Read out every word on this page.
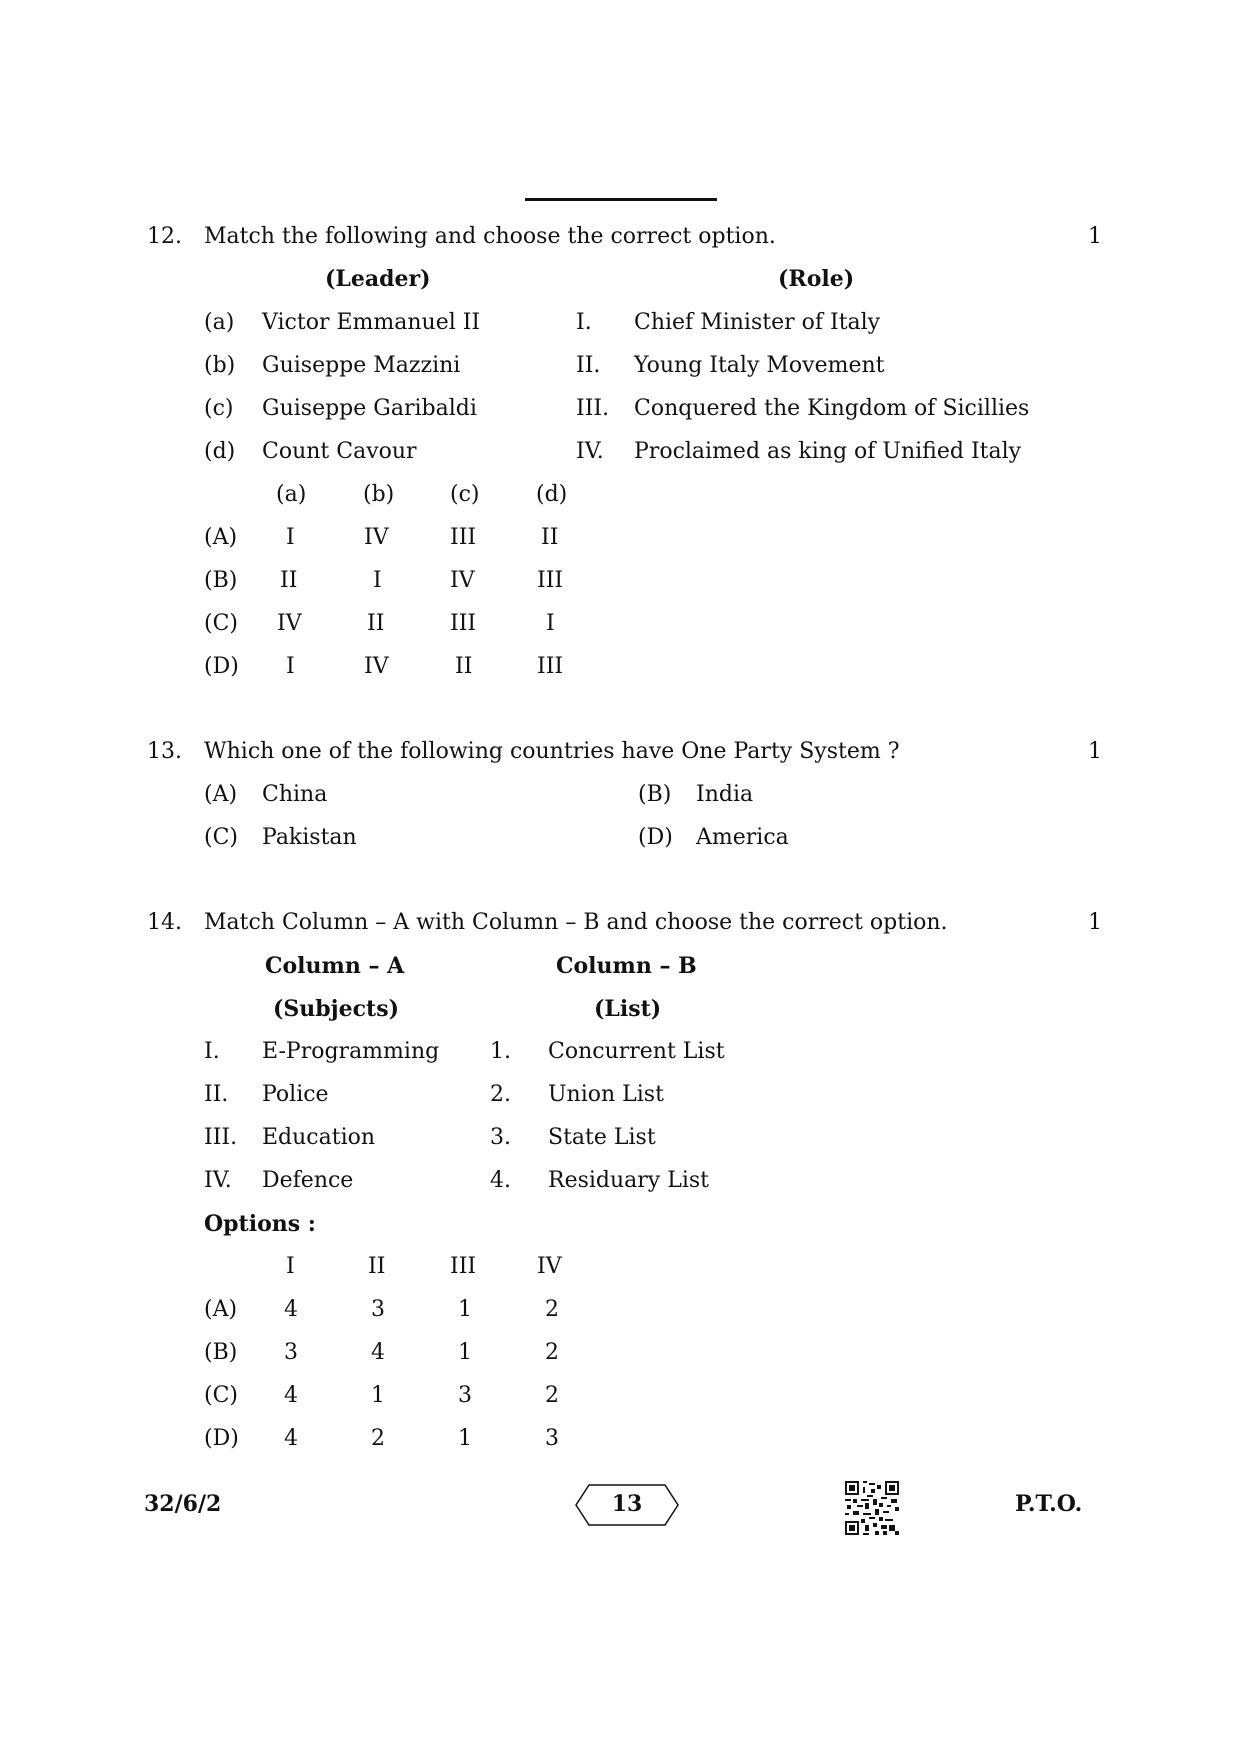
12. Match the following and choose the correct option.	1
(Leader)	(Role)
(a) Victor Emmanuel II	I. Chief Minister of Italy
(b) Guiseppe Mazzini	II. Young Italy Movement
(c) Guiseppe Garibaldi	III. Conquered the Kingdom of Sicillies
(d) Count Cavour	IV. Proclaimed as king of Unified Italy
(a)	(b)	(c)	(d)
(A) I	IV	III	II
(B) II	I	IV	III
(C) IV	II	III	I
(D) I	IV	II	III
13. Which one of the following countries have One Party System ?	1
(A) China	(B) India
(C) Pakistan	(D) America
14. Match Column – A with Column – B and choose the correct option.	1
Column – A	Column – B
(Subjects)	(List)
I. E-Programming 1. Concurrent List
II. Police	2. Union List
III. Education	3. State List
IV. Defence	4. Residuary List
Options :
I	II	III	IV
(A) 4	3	1	2
(B) 3	4	1	2
(C) 4	1	3	2
(D) 4	2	1	3
32/6/2	13	P.T.O.
